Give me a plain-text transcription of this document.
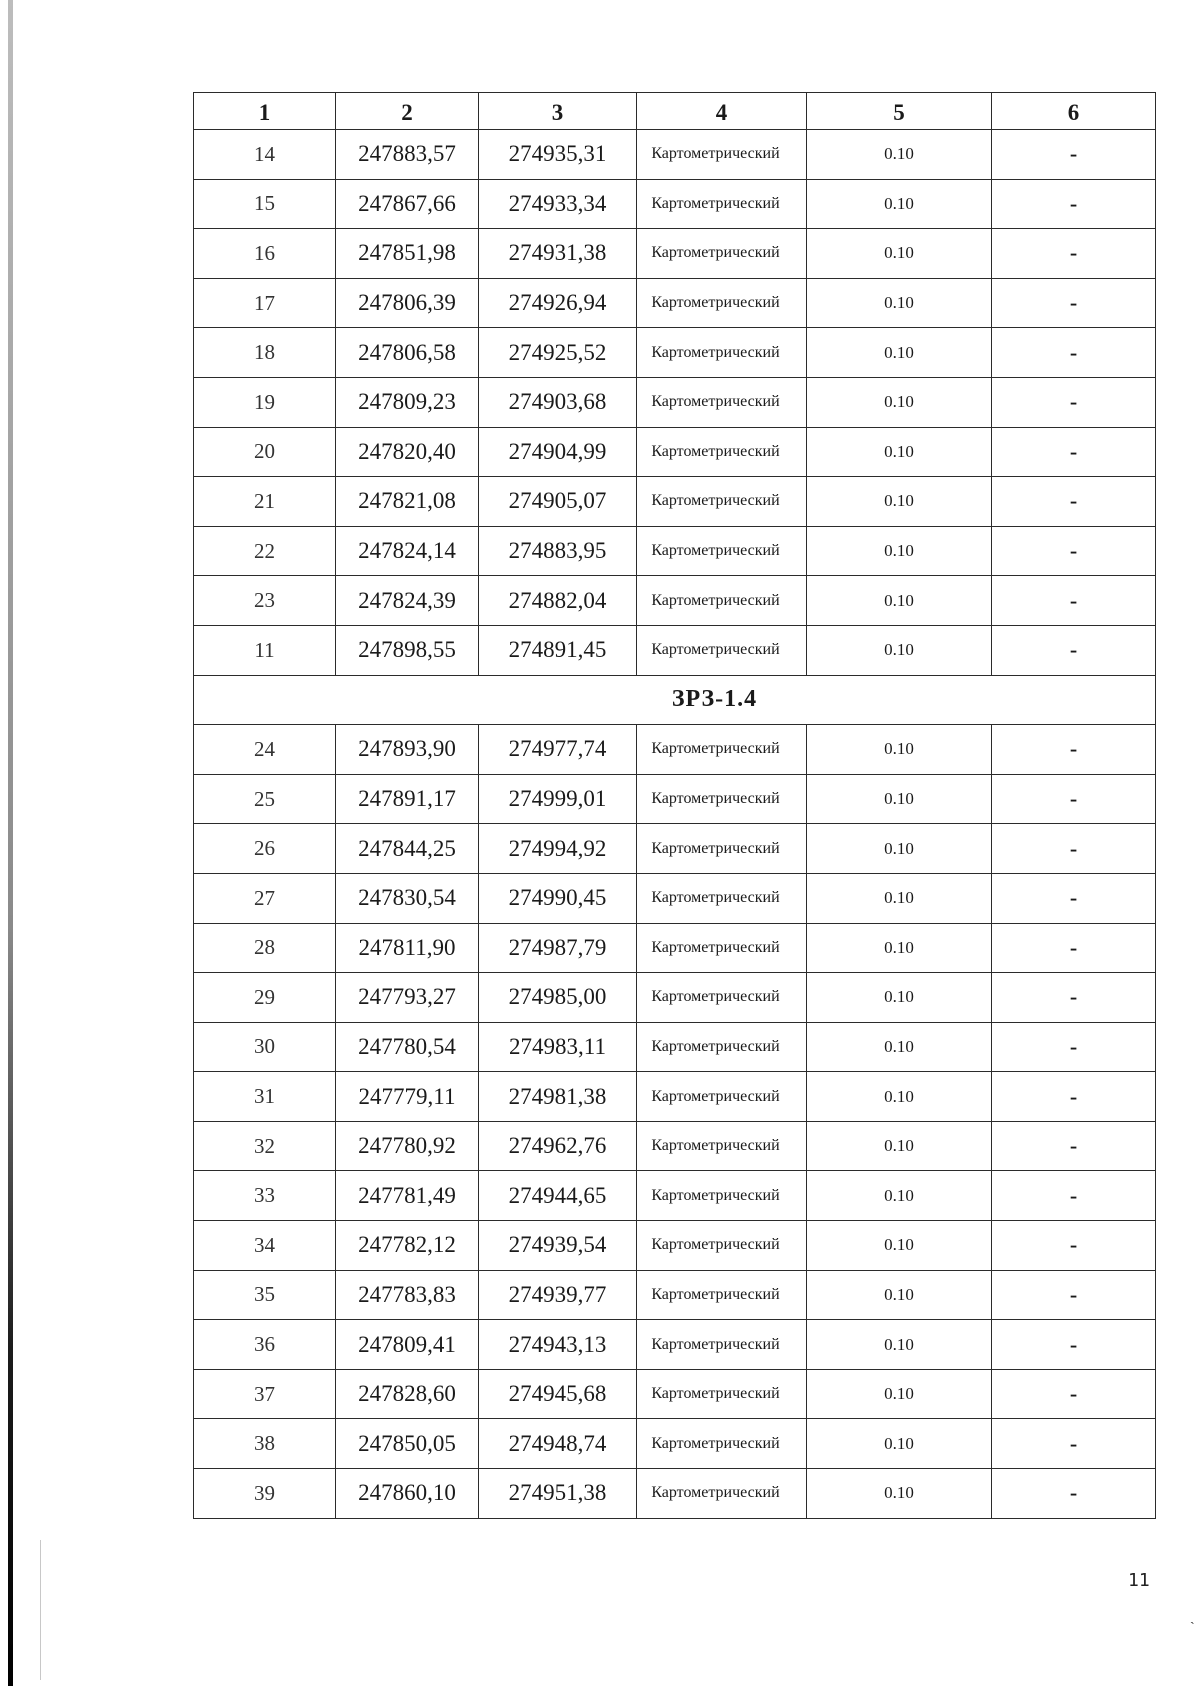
1	2	3	4	5	6
14	247883,57	274935,31	Картометрический	0.10	-
15	247867,66	274933,34	Картометрический	0.10	-
16	247851,98	274931,38	Картометрический	0.10	-
17	247806,39	274926,94	Картометрический	0.10	-
18	247806,58	274925,52	Картометрический	0.10	-
19	247809,23	274903,68	Картометрический	0.10	-
20	247820,40	274904,99	Картометрический	0.10	-
21	247821,08	274905,07	Картометрический	0.10	-
22	247824,14	274883,95	Картометрический	0.10	-
23	247824,39	274882,04	Картометрический	0.10	-
11	247898,55	274891,45	Картометрический	0.10	-
ЗРЗ-1.4					
24	247893,90	274977,74	Картометрический	0.10	-
25	247891,17	274999,01	Картометрический	0.10	-
26	247844,25	274994,92	Картометрический	0.10	-
27	247830,54	274990,45	Картометрический	0.10	-
28	247811,90	274987,79	Картометрический	0.10	-
29	247793,27	274985,00	Картометрический	0.10	-
30	247780,54	274983,11	Картометрический	0.10	-
31	247779,11	274981,38	Картометрический	0.10	-
32	247780,92	274962,76	Картометрический	0.10	-
33	247781,49	274944,65	Картометрический	0.10	-
34	247782,12	274939,54	Картометрический	0.10	-
35	247783,83	274939,77	Картометрический	0.10	-
36	247809,41	274943,13	Картометрический	0.10	-
37	247828,60	274945,68	Картометрический	0.10	-
38	247850,05	274948,74	Картометрический	0.10	-
39	247860,10	274951,38	Картометрический	0.10	-
11
ˏ
